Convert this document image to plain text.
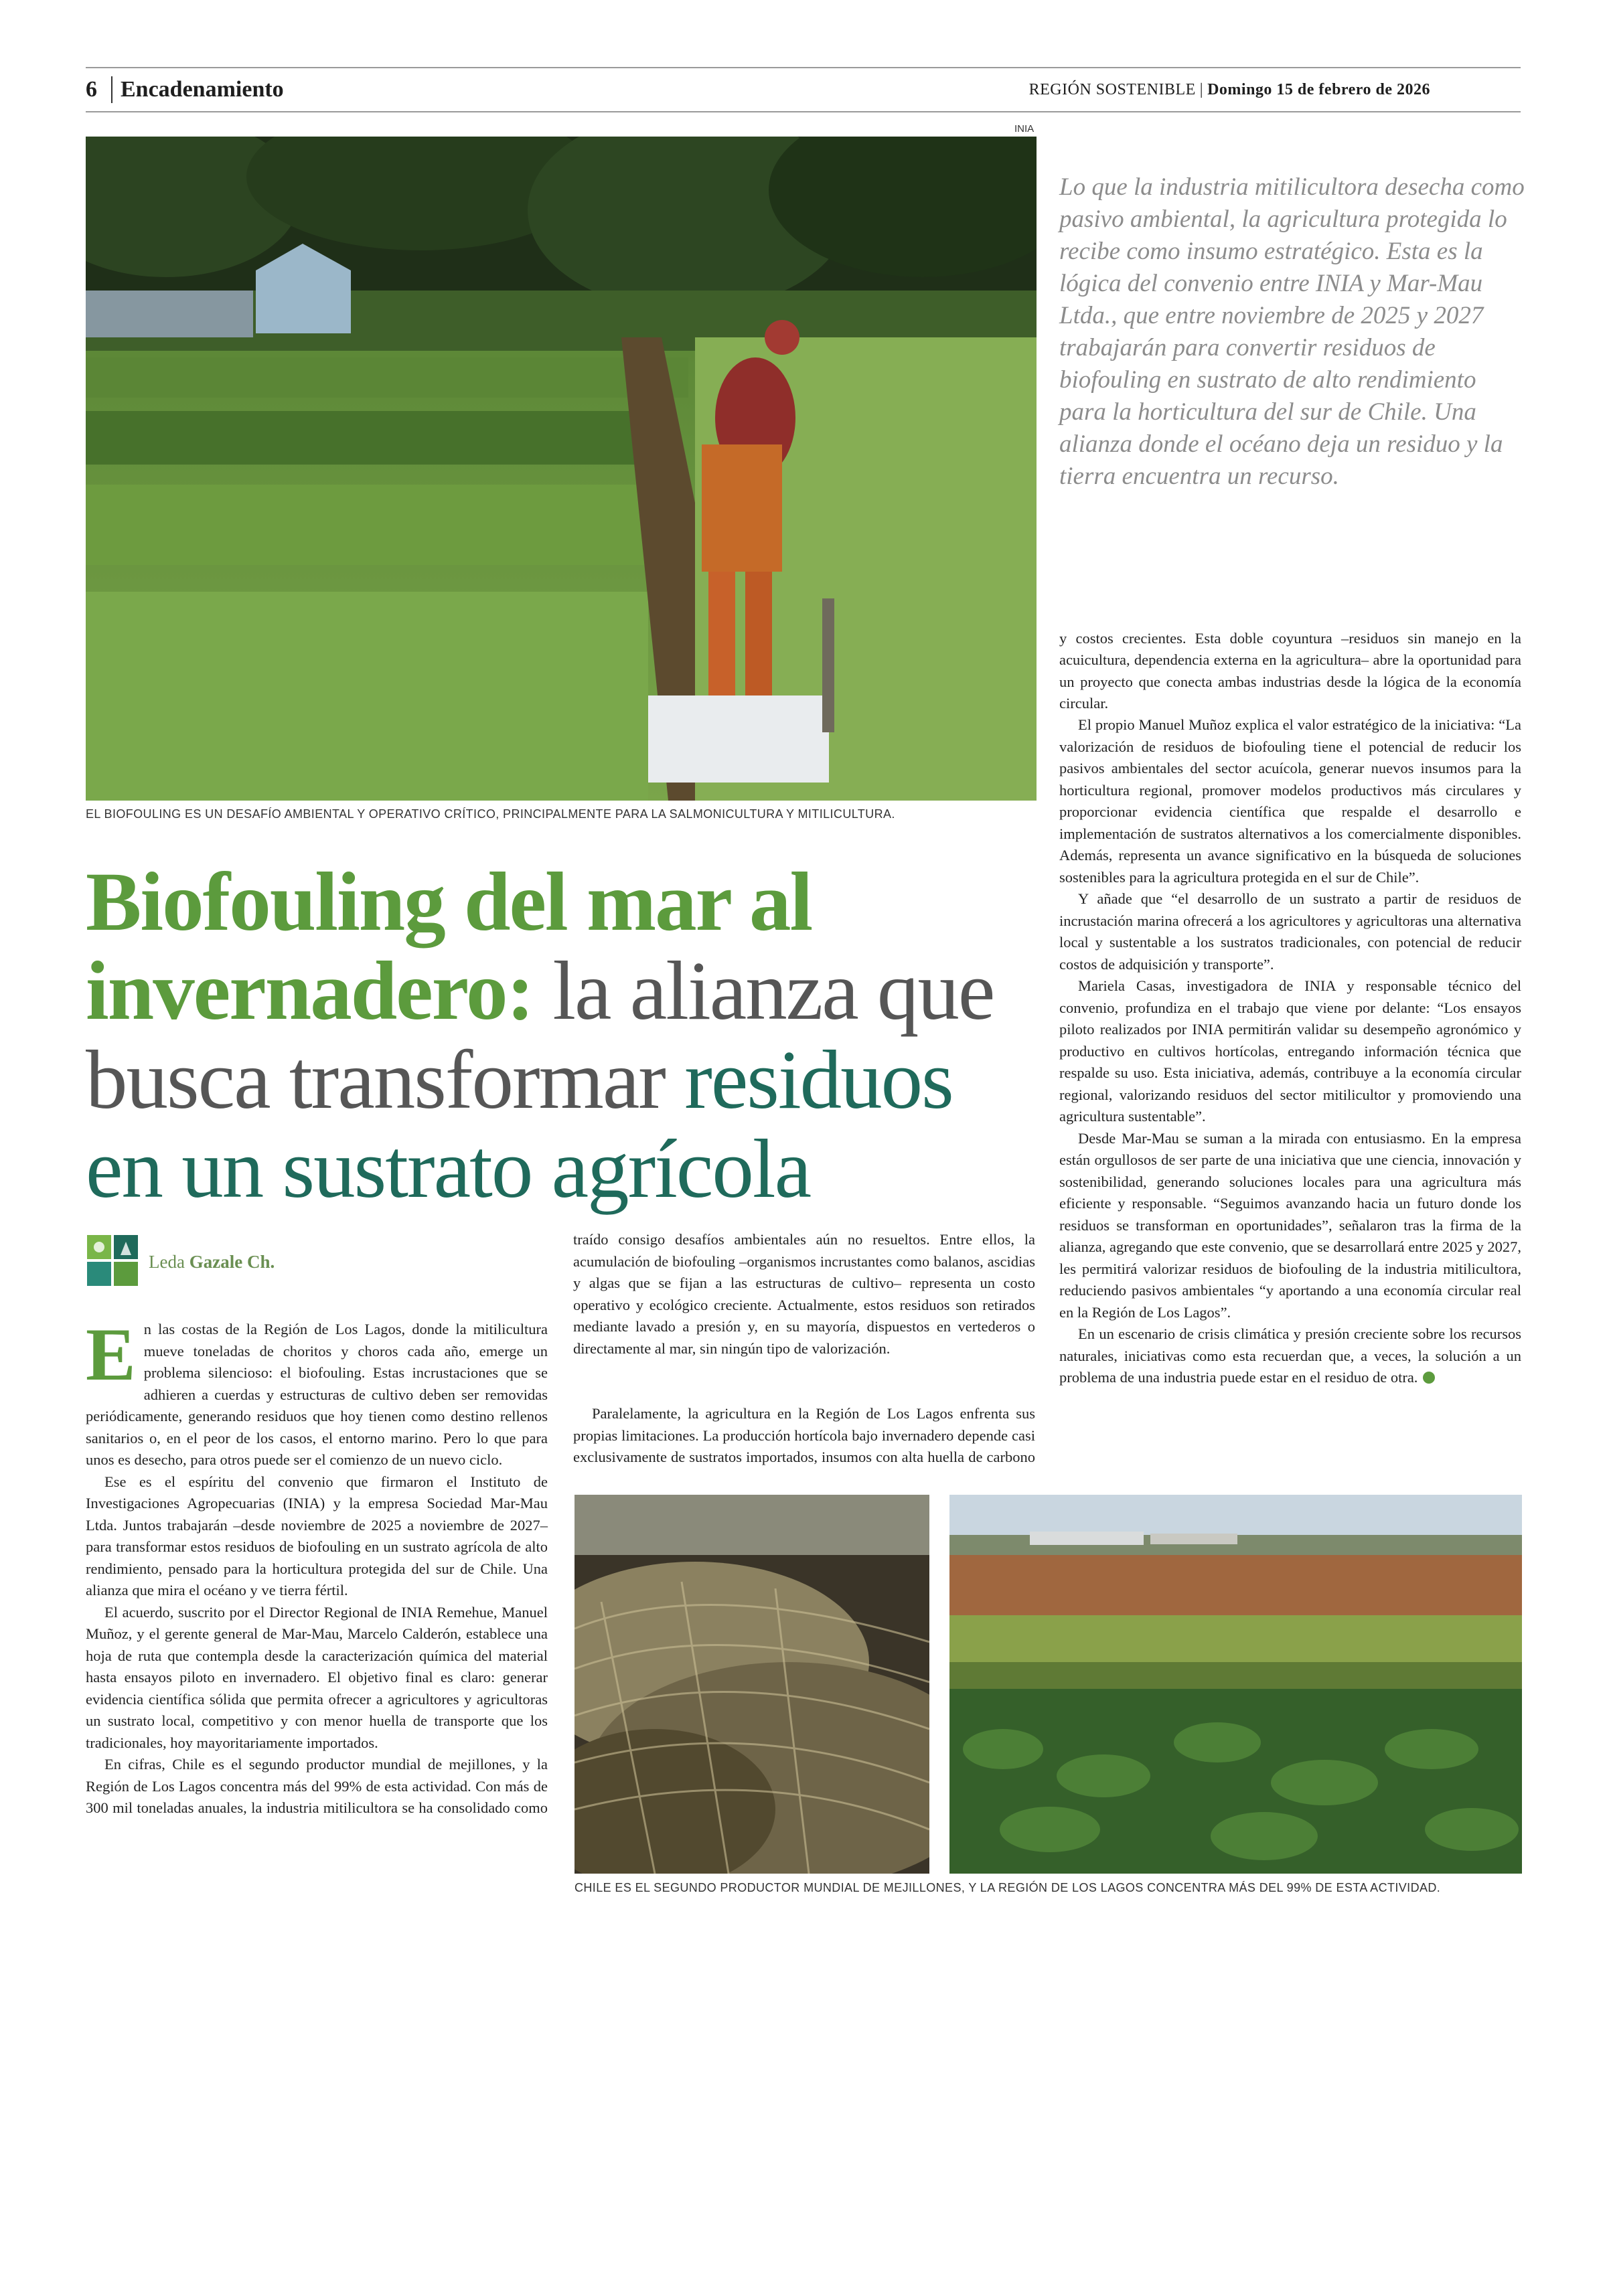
6 Encadenamiento	REGIÓN SOSTENIBLE | Domingo 15 de febrero de 2026
INIA
EL BIOFOULING ES UN DESAFÍO AMBIENTAL Y OPERATIVO CRÍTICO, PRINCIPALMENTE PARA LA SALMONICULTURA Y MITILICULTURA.
Lo que la industria mitilicultora desecha como pasivo ambiental, la agricultura protegida lo recibe como insumo estratégico. Esta es la lógica del convenio entre INIA y Mar-Mau Ltda., que entre noviembre de 2025 y 2027 trabajarán para convertir residuos de biofouling en sustrato de alto rendimiento para la horticultura del sur de Chile. Una alianza donde el océano deja un residuo y la tierra encuentra un recurso.
Biofouling del mar al invernadero: la alianza que busca transformar residuos en un sustrato agrícola
Leda Gazale Ch.

En las costas de la Región de Los Lagos, donde la mitilicultura mueve toneladas de choritos y choros cada año, emerge un problema silencioso: el biofouling. Estas incrustaciones que se adhieren a cuerdas y estructuras de cultivo deben ser removidas periódicamente, generando residuos que hoy tienen como destino rellenos sanitarios o, en el peor de los casos, el entorno marino. Pero lo que para unos es desecho, para otros puede ser el comienzo de un nuevo ciclo.

Ese es el espíritu del convenio que firmaron el Instituto de Investigaciones Agropecuarias (INIA) y la empresa Sociedad Mar-Mau Ltda. Juntos trabajarán –desde noviembre de 2025 a noviembre de 2027– para transformar estos residuos de biofouling en un sustrato agrícola de alto rendimiento, pensado para la horticultura protegida del sur de Chile. Una alianza que mira el océano y ve tierra fértil.

El acuerdo, suscrito por el Director Regional de INIA Remehue, Manuel Muñoz, y el gerente general de Mar-Mau, Marcelo Calderón, establece una hoja de ruta que contempla desde la caracterización química del material hasta ensayos piloto en invernadero. El objetivo final es claro: generar evidencia científica sólida que permita ofrecer a agricultores y agricultoras un sustrato local, competitivo y con menor huella de transporte que los tradicionales, hoy mayoritariamente importados.

En cifras, Chile es el segundo productor mundial de mejillones, y la Región de Los Lagos concentra más del 99% de esta actividad. Con más de 300 mil toneladas anuales, la industria mitilicultora se ha consolidado como

traído consigo desafíos ambientales aún no resueltos. Entre ellos, la acumulación de biofouling –organismos incrustantes como balanos, ascidias y algas que se fijan a las estructuras de cultivo– representa un costo operativo y ecológico creciente. Actualmente, estos residuos son retirados mediante lavado a presión y, en su mayoría, dispuestos en vertederos o directamente al mar, sin ningún tipo de valorización.

Paralelamente, la agricultura en la Región de Los Lagos enfrenta sus propias limitaciones. La producción hortícola bajo invernadero depende casi exclusivamente de sustratos importados, insumos con alta huella de carbono

y costos crecientes. Esta doble coyuntura –residuos sin manejo en la acuicultura, dependencia externa en la agricultura– abre la oportunidad para un proyecto que conecta ambas industrias desde la lógica de la economía circular.

El propio Manuel Muñoz explica el valor estratégico de la iniciativa: “La valorización de residuos de biofouling tiene el potencial de reducir los pasivos ambientales del sector acuícola, generar nuevos insumos para la horticultura regional, promover modelos productivos más circulares y proporcionar evidencia científica que respalde el desarrollo e implementación de sustratos alternativos a los comercialmente disponibles. Además, representa un avance significativo en la búsqueda de soluciones sostenibles para la agricultura protegida en el sur de Chile”.

Y añade que “el desarrollo de un sustrato a partir de residuos de incrustación marina ofrecerá a los agricultores y agricultoras una alternativa local y sustentable a los sustratos tradicionales, con potencial de reducir costos de adquisición y transporte”.

Mariela Casas, investigadora de INIA y responsable técnico del convenio, profundiza en el trabajo que viene por delante: “Los ensayos piloto realizados por INIA permitirán validar su desempeño agronómico y productivo en cultivos hortícolas, entregando información técnica que respalde su uso. Esta iniciativa, además, contribuye a la economía circular regional, valorizando residuos del sector mitilicultor y promoviendo una agricultura sustentable”.

Desde Mar-Mau se suman a la mirada con entusiasmo. En la empresa están orgullosos de ser parte de una iniciativa que une ciencia, innovación y sostenibilidad, generando soluciones locales para una agricultura más eficiente y responsable. “Seguimos avanzando hacia un futuro donde los residuos se transforman en oportunidades”, señalaron tras la firma de la alianza, agregando que este convenio, que se desarrollará entre 2025 y 2027, les permitirá valorizar residuos de biofouling de la industria mitilicultora, reduciendo pasivos ambientales “y aportando a una economía circular real en la Región de Los Lagos”.

En un escenario de crisis climática y presión creciente sobre los recursos naturales, iniciativas como esta recuerdan que, a veces, la solución a un problema de una industria puede estar en el residuo de otra.

CHILE ES EL SEGUNDO PRODUCTOR MUNDIAL DE MEJILLONES, Y LA REGIÓN DE LOS LAGOS CONCENTRA MÁS DEL 99% DE ESTA ACTIVIDAD.
